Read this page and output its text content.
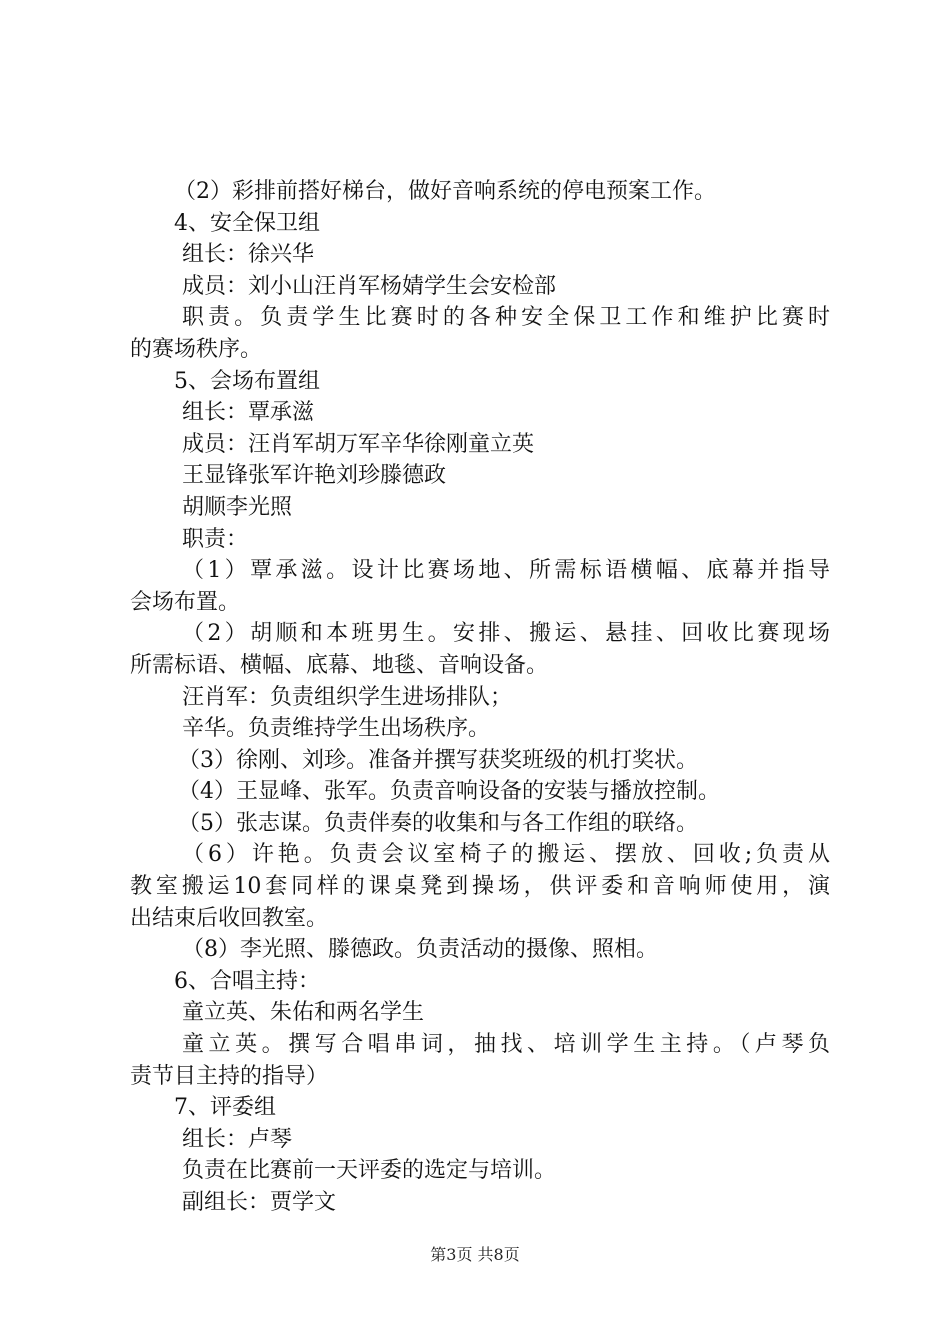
（2）彩排前搭好梯台，做好音响系统的停电预案工作。
4、安全保卫组
组长：徐兴华
成员：刘小山汪肖军杨婧学生会安检部
职责。负责学生比赛时的各种安全保卫工作和维护比赛时
的赛场秩序。
5、会场布置组
组长：覃承滋
成员：汪肖军胡万军辛华徐刚童立英
王显锋张军许艳刘珍滕德政
胡顺李光照
职责：
（1）覃承滋。设计比赛场地、所需标语横幅、底幕并指导
会场布置。
（2）胡顺和本班男生。安排、搬运、悬挂、回收比赛现场
所需标语、横幅、底幕、地毯、音响设备。
汪肖军：负责组织学生进场排队；
辛华。负责维持学生出场秩序。
（3）徐刚、刘珍。准备并撰写获奖班级的机打奖状。
（4）王显峰、张军。负责音响设备的安装与播放控制。
（5）张志谋。负责伴奏的收集和与各工作组的联络。
（6）许艳。负责会议室椅子的搬运、摆放、回收;负责从
教室搬运10套同样的课桌凳到操场，供评委和音响师使用，演
出结束后收回教室。
（8）李光照、滕德政。负责活动的摄像、照相。
6、合唱主持：
童立英、朱佑和两名学生
童立英。撰写合唱串词，抽找、培训学生主持。（卢琴负
责节目主持的指导）
7、评委组
组长：卢琴
负责在比赛前一天评委的选定与培训。
副组长：贾学文
第3页 共8页
